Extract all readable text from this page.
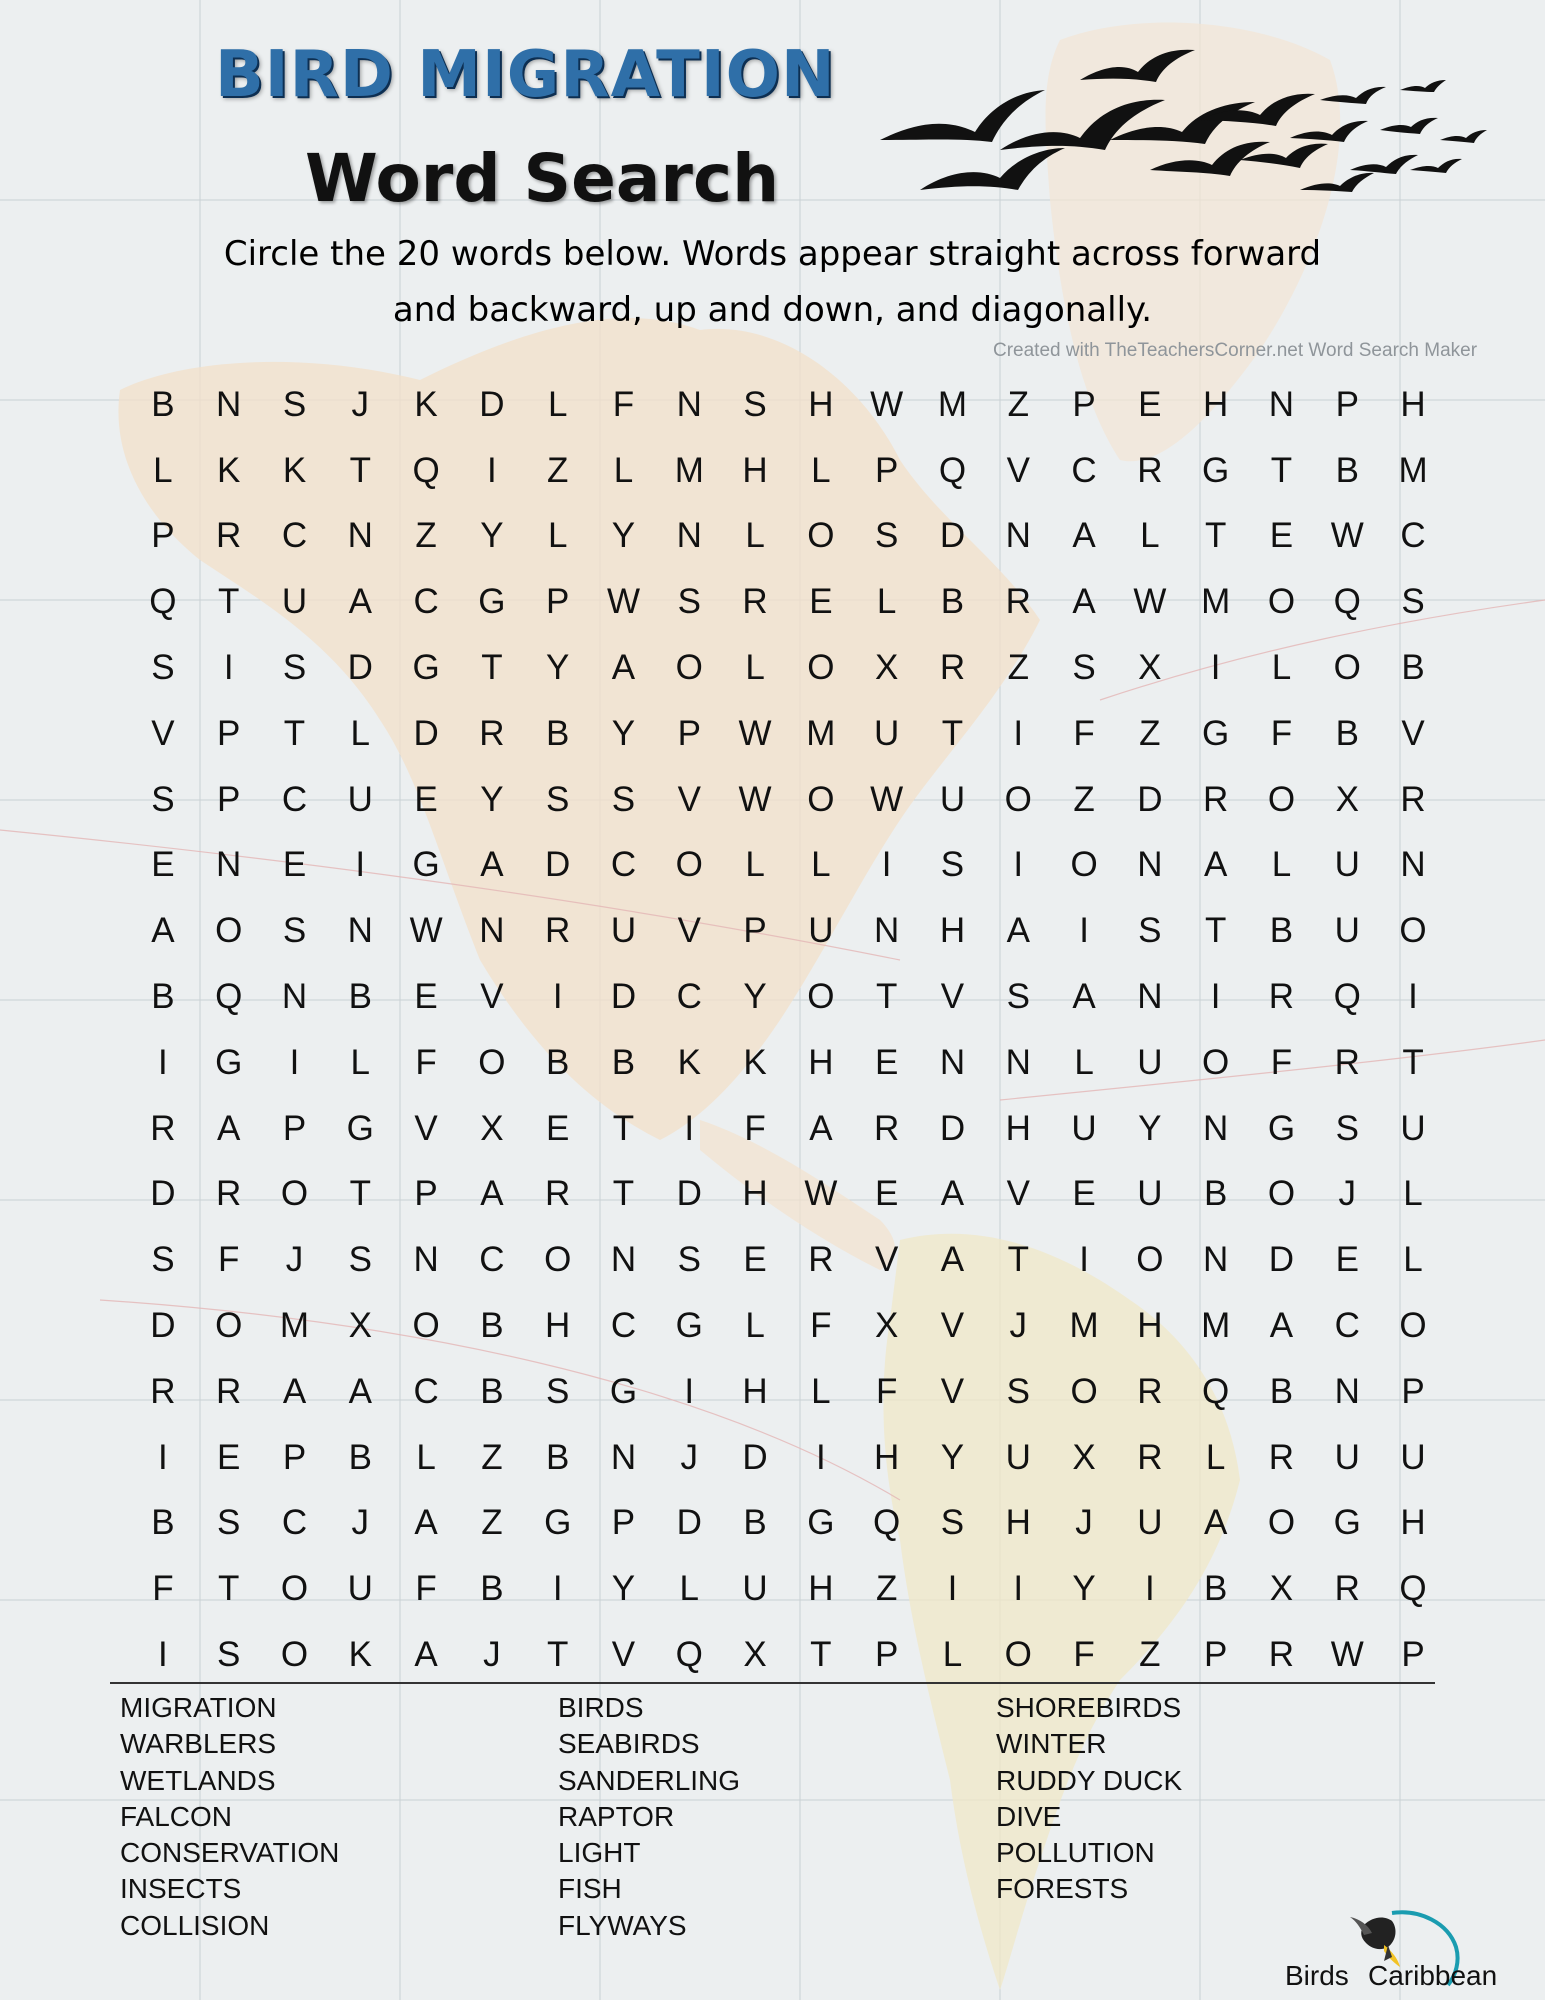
BIRD MIGRATION
Word Search
Circle the 20 words below. Words appear straight across forward
and backward, up and down, and diagonally.
Created with TheTeachersCorner.net Word Search Maker
B	N	S	J	K	D	L	F	N	S	H	W M	Z	P	E	H	N	P	H
L	K	K	T	Q	I	Z	L	M	H	L	P	Q	V	C	R	G	T	B	M
P	R	C	N	Z	Y	L	Y	N	L	O	S	D	N	A	L	T	E	W	C
Q	T	U	A	C	G	P	W	S	R	E	L	B	R	A	W M	O	Q	S
S	I	S	D	G	T	Y	A	O	L	O	X	R	Z	S	X	I	L	O	B
V	P	T	L	D	R	B	Y	P	W M	U	T	I	F	Z	G	F	B	V
S	P	C	U	E	Y	S	S	V	W	O	W	U	O	Z	D	R	O	X	R
E	N	E	I	G	A	D	C	O	L	L	I	S	I	O	N	A	L	U	N
A	O	S	N	W	N	R	U	V	P	U	N	H	A	I	S	T	B	U	O
B	Q	N	B	E	V	I	D	C	Y	O	T	V	S	A	N	I	R	Q	I
I	G	I	L	F	O	B	B	K	K	H	E	N	N	L	U	O	F	R	T
R	A	P	G	V	X	E	T	I	F	A	R	D	H	U	Y	N	G	S	U
D	R	O	T	P	A	R	T	D	H	W	E	A	V	E	U	B	O	J	L
S	F	J	S	N	C	O	N	S	E	R	V	A	T	I	O	N	D	E	L
D	O	M	X	O	B	H	C	G	L	F	X	V	J	M	H	M	A	C	O
R	R	A	A	C	B	S	G	I	H	L	F	V	S	O	R	Q	B	N	P
I	E	P	B	L	Z	B	N	J	D	I	H	Y	U	X	R	L	R	U	U
B	S	C	J	A	Z	G	P	D	B	G	Q	S	H	J	U	A	O	G	H
F	T	O	U	F	B	I	Y	L	U	H	Z	I	I	Y	I	B	X	R	Q
I	S	O	K	A	J	T	V	Q	X	T	P	L	O	F	Z	P	R	W	P
MIGRATION
WARBLERS
WETLANDS
FALCON
CONSERVATION
INSECTS
COLLISION
BIRDS
SEABIRDS
SANDERLING
RAPTOR
LIGHT
FISH
FLYWAYS
SHOREBIRDS
WINTER
RUDDY DUCK
DIVE
POLLUTION
FORESTS
Birds Caribbean
